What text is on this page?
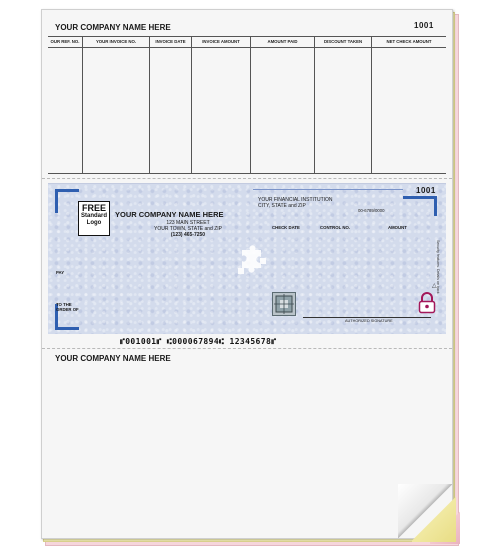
YOUR COMPANY NAME HERE	1001
OUR REF. NO.	YOUR INVOICE NO.	INVOICE DATE	INVOICE AMOUNT	AMOUNT PAID	DISCOUNT TAKEN	NET CHECK AMOUNT
1001
FREE
Standard
Logo
YOUR COMPANY NAME HERE
123 MAIN STREET
YOUR TOWN, STATE and ZIP
(123) 465-7250
YOUR FINANCIAL INSTITUTION
CITY, STATE and ZIP
00-6789/0000
CHECK DATE	CONTROL NO.	AMOUNT
PAY
TO THE
ORDER OF
△ Security features. Details on back.
AUTHORIZED SIGNATURE
⑈001001⑈ ⑆000067894⑆ 12345678⑈
YOUR COMPANY NAME HERE
